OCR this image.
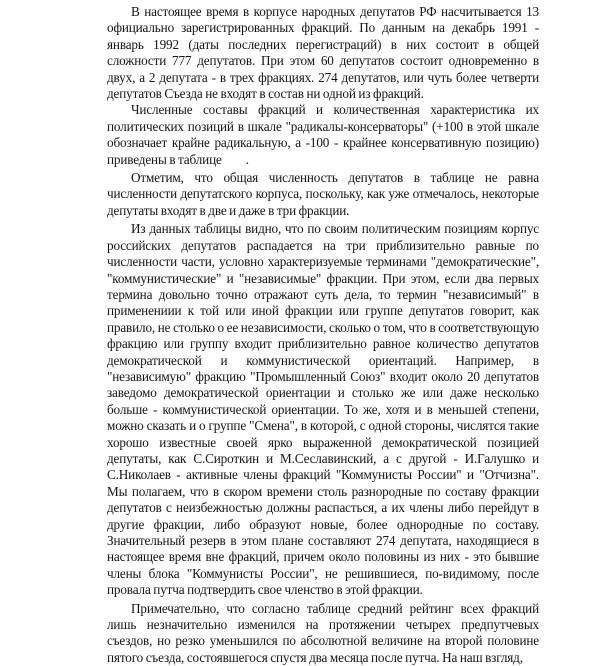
В настоящее время в корпусе народных депутатов РФ насчитывается 13 официально зарегистрированных фракций. По данным на декабрь 1991 - январь 1992 (даты последних перегистраций) в них состоит в общей сложности 777 депутатов. При этом 60 депутатов состоит одновременно в двух, а 2 депутата - в трех фракциях. 274 депутатов, или чуть более четверти депутатов Съезда не входят в состав ни одной из фракций.

Численные составы фракций и количественная характеристика их политических позиций в шкале "радикалы-консерваторы" (+100 в этой шкале обозначает крайне радикальную, а -100 - крайнее консервативную позицию) приведены в таблице .

Отметим, что общая численность депутатов в таблице не равна численности депутатского корпуса, поскольку, как уже отмечалось, некоторые депутаты входят в две и даже в три фракции.

Из данных таблицы видно, что по своим политическим позициям корпус российских депутатов распадается на три приблизительно равные по численности части, условно характеризуемые терминами "демократические", "коммунистические" и "независимые" фракции. При этом, если два первых термина довольно точно отражают суть дела, то термин "независимый" в применениии к той или иной фракции или группе депутатов говорит, как правило, не столько о ее независимости, сколько о том, что в соответствующую фракцию или группу входит приблизительно равное количество депутатов демократической и коммунистической ориентаций. Например, в "независимую" фракцию "Промышленный Союз" входит около 20 депутатов заведомо демократической ориентации и столько же или даже несколько больше - коммунистической ориентации. То же, хотя и в меньшей степени, можно сказать и о группе "Смена", в которой, с одной стороны, числятся такие хорошо известные своей ярко выраженной демократической позицией депутаты, как С.Сироткин и М.Сеславинский, а с другой - И.Галушко и С.Николаев - активные члены фракций "Коммунисты России" и "Отчизна". Мы полагаем, что в скором времени столь разнородные по составу фракции депутатов с неизбежностью должны распасться, а их члены либо перейдут в другие фракции, либо образуют новые, более однородные по составу. Значительный резерв в этом плане составляют 274 депутата, находящиеся в настоящее время вне фракций, причем около половины из них - это бывшие члены блока "Коммунисты России", не решившиеся, по-видимому, после провала путча подтвердить свое членство в этой фракции.

Примечательно, что согласно таблице средний рейтинг всех фракций лишь незначительно изменился на протяжении четырех предпутчевых съездов, но резко уменьшился по абсолютной величине на второй половине пятого съезда, состоявшегося спустя два месяца после путча. На наш взгляд,
